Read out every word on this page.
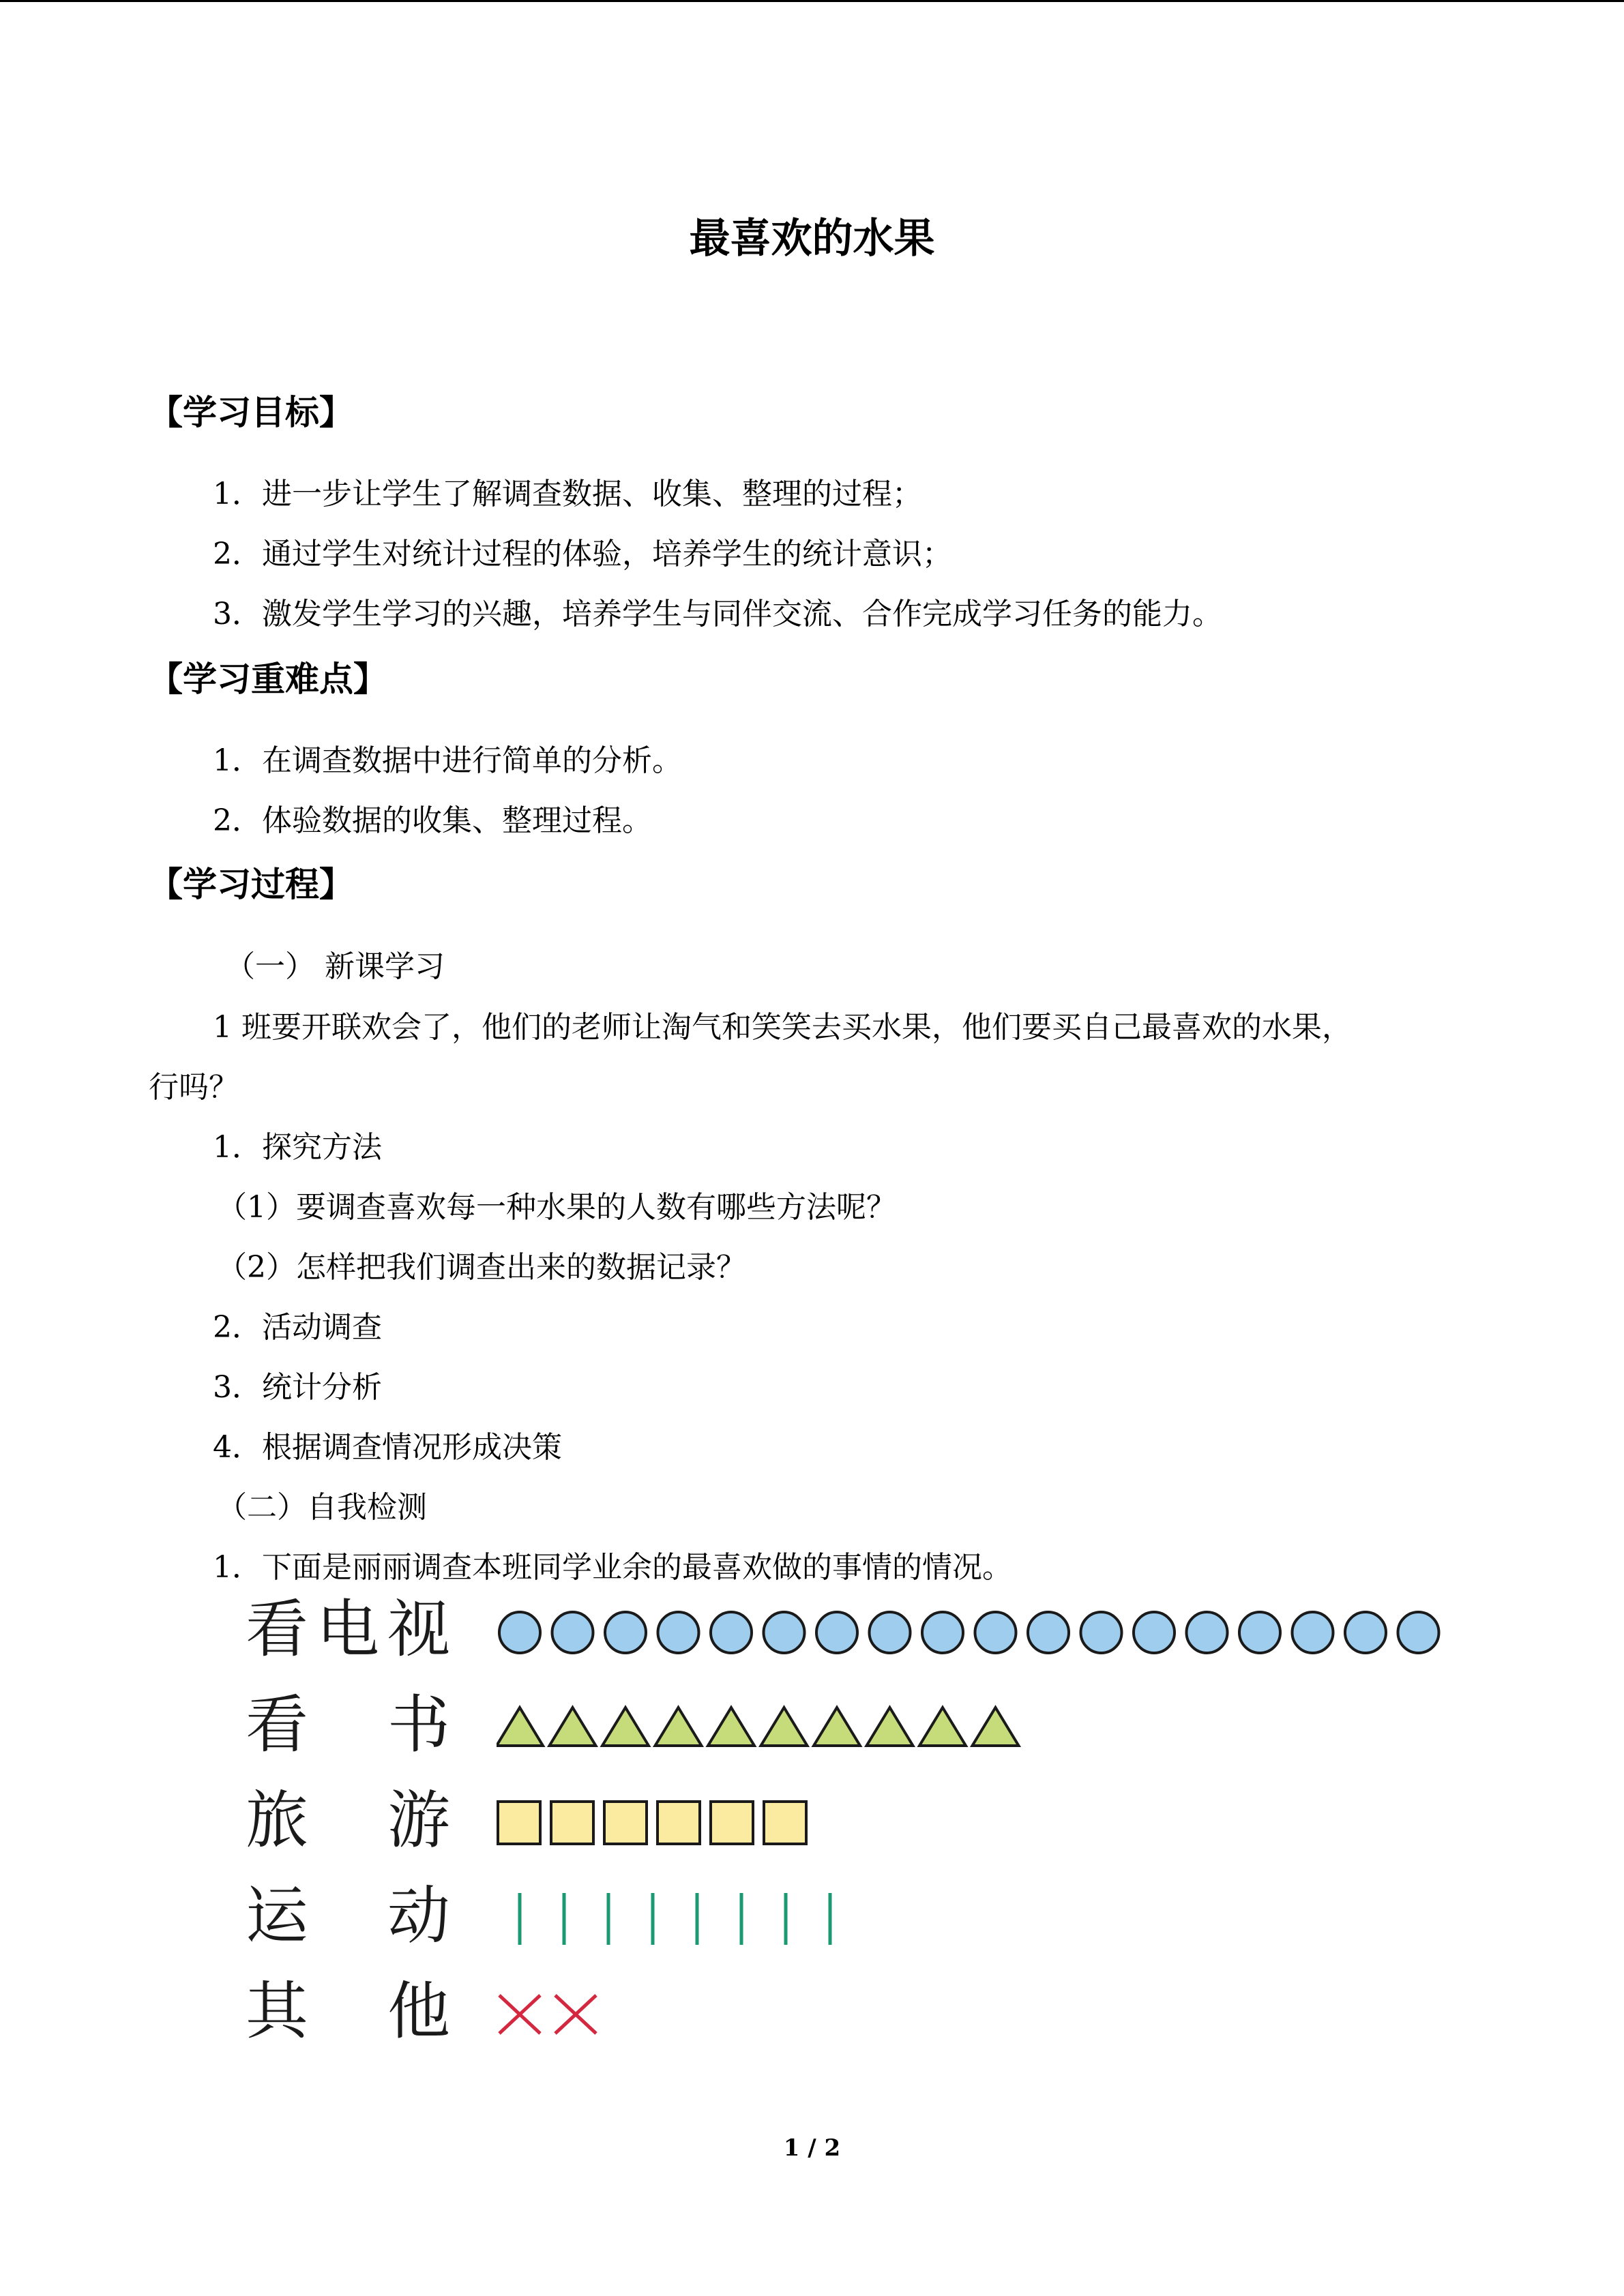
最喜欢的水果
【学习目标】
1．进一步让学生了解调查数据、收集、整理的过程；
2．通过学生对统计过程的体验，培养学生的统计意识；
3．激发学生学习的兴趣，培养学生与同伴交流、合作完成学习任务的能力。
【学习重难点】
1．在调查数据中进行简单的分析。
2．体验数据的收集、整理过程。
【学习过程】
（一） 新课学习
1 班要开联欢会了，他们的老师让淘气和笑笑去买水果，他们要买自己最喜欢的水果，
行吗？
1．探究方法
（1）要调查喜欢每一种水果的人数有哪些方法呢？
（2）怎样把我们调查出来的数据记录？
2．活动调查
3．统计分析
4．根据调查情况形成决策
（二）自我检测
1．下面是丽丽调查本班同学业余的最喜欢做的事情的情况。
看 电 视
看 书
旅 游
运 动
其 他
1 / 2
